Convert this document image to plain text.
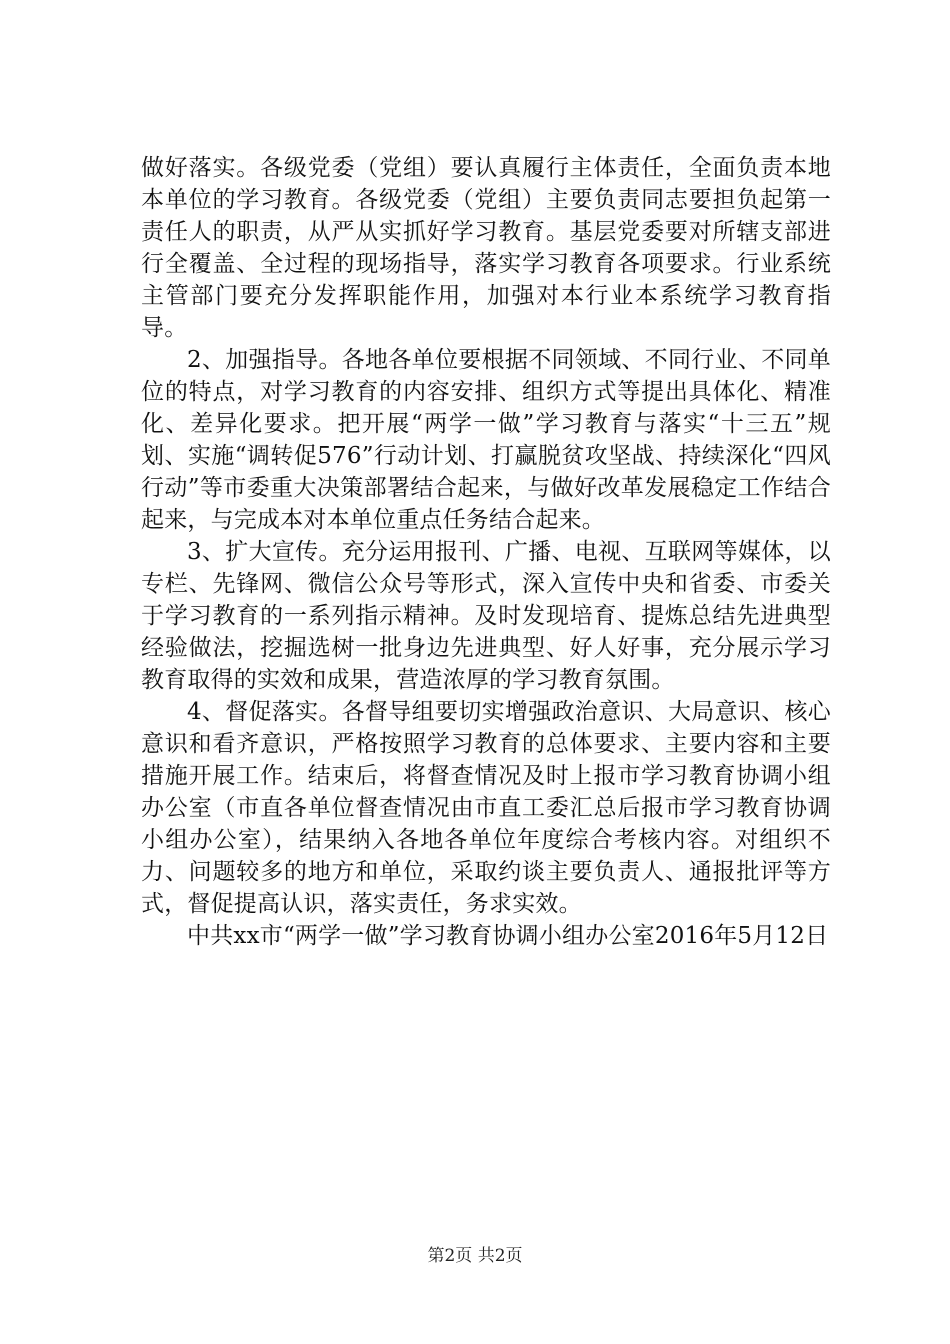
做好落实。各级党委（党组）要认真履行主体责任，全面负责本地本单位的学习教育。各级党委（党组）主要负责同志要担负起第一责任人的职责，从严从实抓好学习教育。基层党委要对所辖支部进行全覆盖、全过程的现场指导，落实学习教育各项要求。行业系统主管部门要充分发挥职能作用，加强对本行业本系统学习教育指导。

2、加强指导。各地各单位要根据不同领域、不同行业、不同单位的特点，对学习教育的内容安排、组织方式等提出具体化、精准化、差异化要求。把开展“两学一做”学习教育与落实“十三五”规划、实施“调转促576”行动计划、打赢脱贫攻坚战、持续深化“四风行动”等市委重大决策部署结合起来，与做好改革发展稳定工作结合起来，与完成本对本单位重点任务结合起来。

3、扩大宣传。充分运用报刊、广播、电视、互联网等媒体，以专栏、先锋网、微信公众号等形式，深入宣传中央和省委、市委关于学习教育的一系列指示精神。及时发现培育、提炼总结先进典型经验做法，挖掘选树一批身边先进典型、好人好事，充分展示学习教育取得的实效和成果，营造浓厚的学习教育氛围。

4、督促落实。各督导组要切实增强政治意识、大局意识、核心意识和看齐意识，严格按照学习教育的总体要求、主要内容和主要措施开展工作。结束后，将督查情况及时上报市学习教育协调小组办公室（市直各单位督查情况由市直工委汇总后报市学习教育协调小组办公室），结果纳入各地各单位年度综合考核内容。对组织不力、问题较多的地方和单位，采取约谈主要负责人、通报批评等方式，督促提高认识，落实责任，务求实效。

中共xx市“两学一做”学习教育协调小组办公室2016年5月12日

第2页 共2页
